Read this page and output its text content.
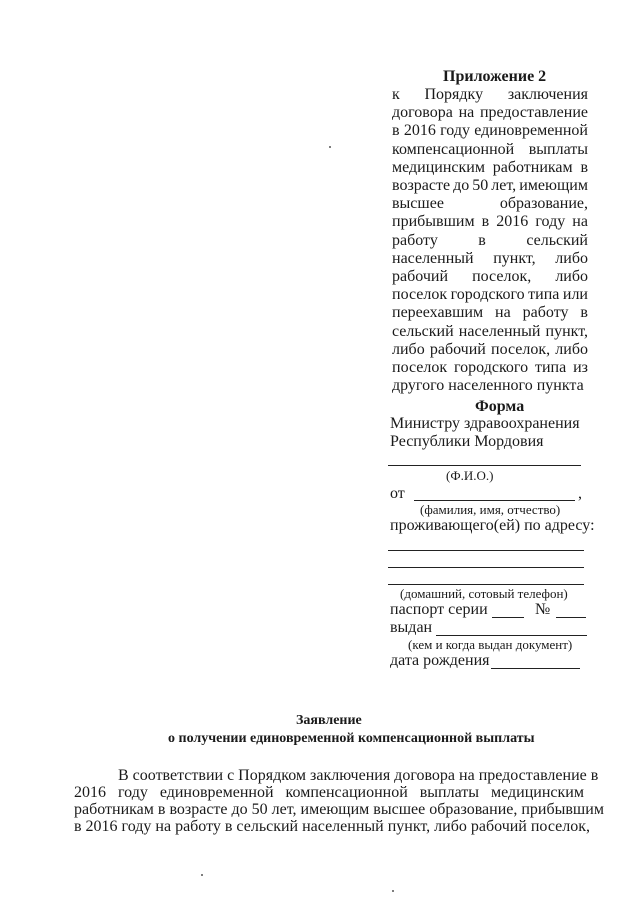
Приложение 2
к Порядку заключения
договора на предоставление
в 2016 году единовременной
компенсационной выплаты
медицинским работникам в
возрасте до 50 лет, имеющим
высшее	образование,
прибывшим в 2016 году на
работу	в	сельский
населенный пункт, либо
рабочий поселок, либо
поселок городского типа или
переехавшим на работу в
сельский населенный пункт,
либо рабочий поселок, либо
поселок городского типа из
другого населенного пункта
Форма
Министру здравоохранения
Республики Мордовия
(Ф.И.О.)
от	,
(фамилия, имя, отчество)
проживающего(ей) по адресу:
(домашний, сотовый телефон)
паспорт серии	№
выдан
(кем и когда выдан документ)
дата рождения
Заявление
о получении единовременной компенсационной выплаты
В соответствии с Порядком заключения договора на предоставление в
2016 году единовременной компенсационной выплаты медицинским
работникам в возрасте до 50 лет, имеющим высшее образование, прибывшим
в 2016 году на работу в сельский населенный пункт, либо рабочий поселок,
